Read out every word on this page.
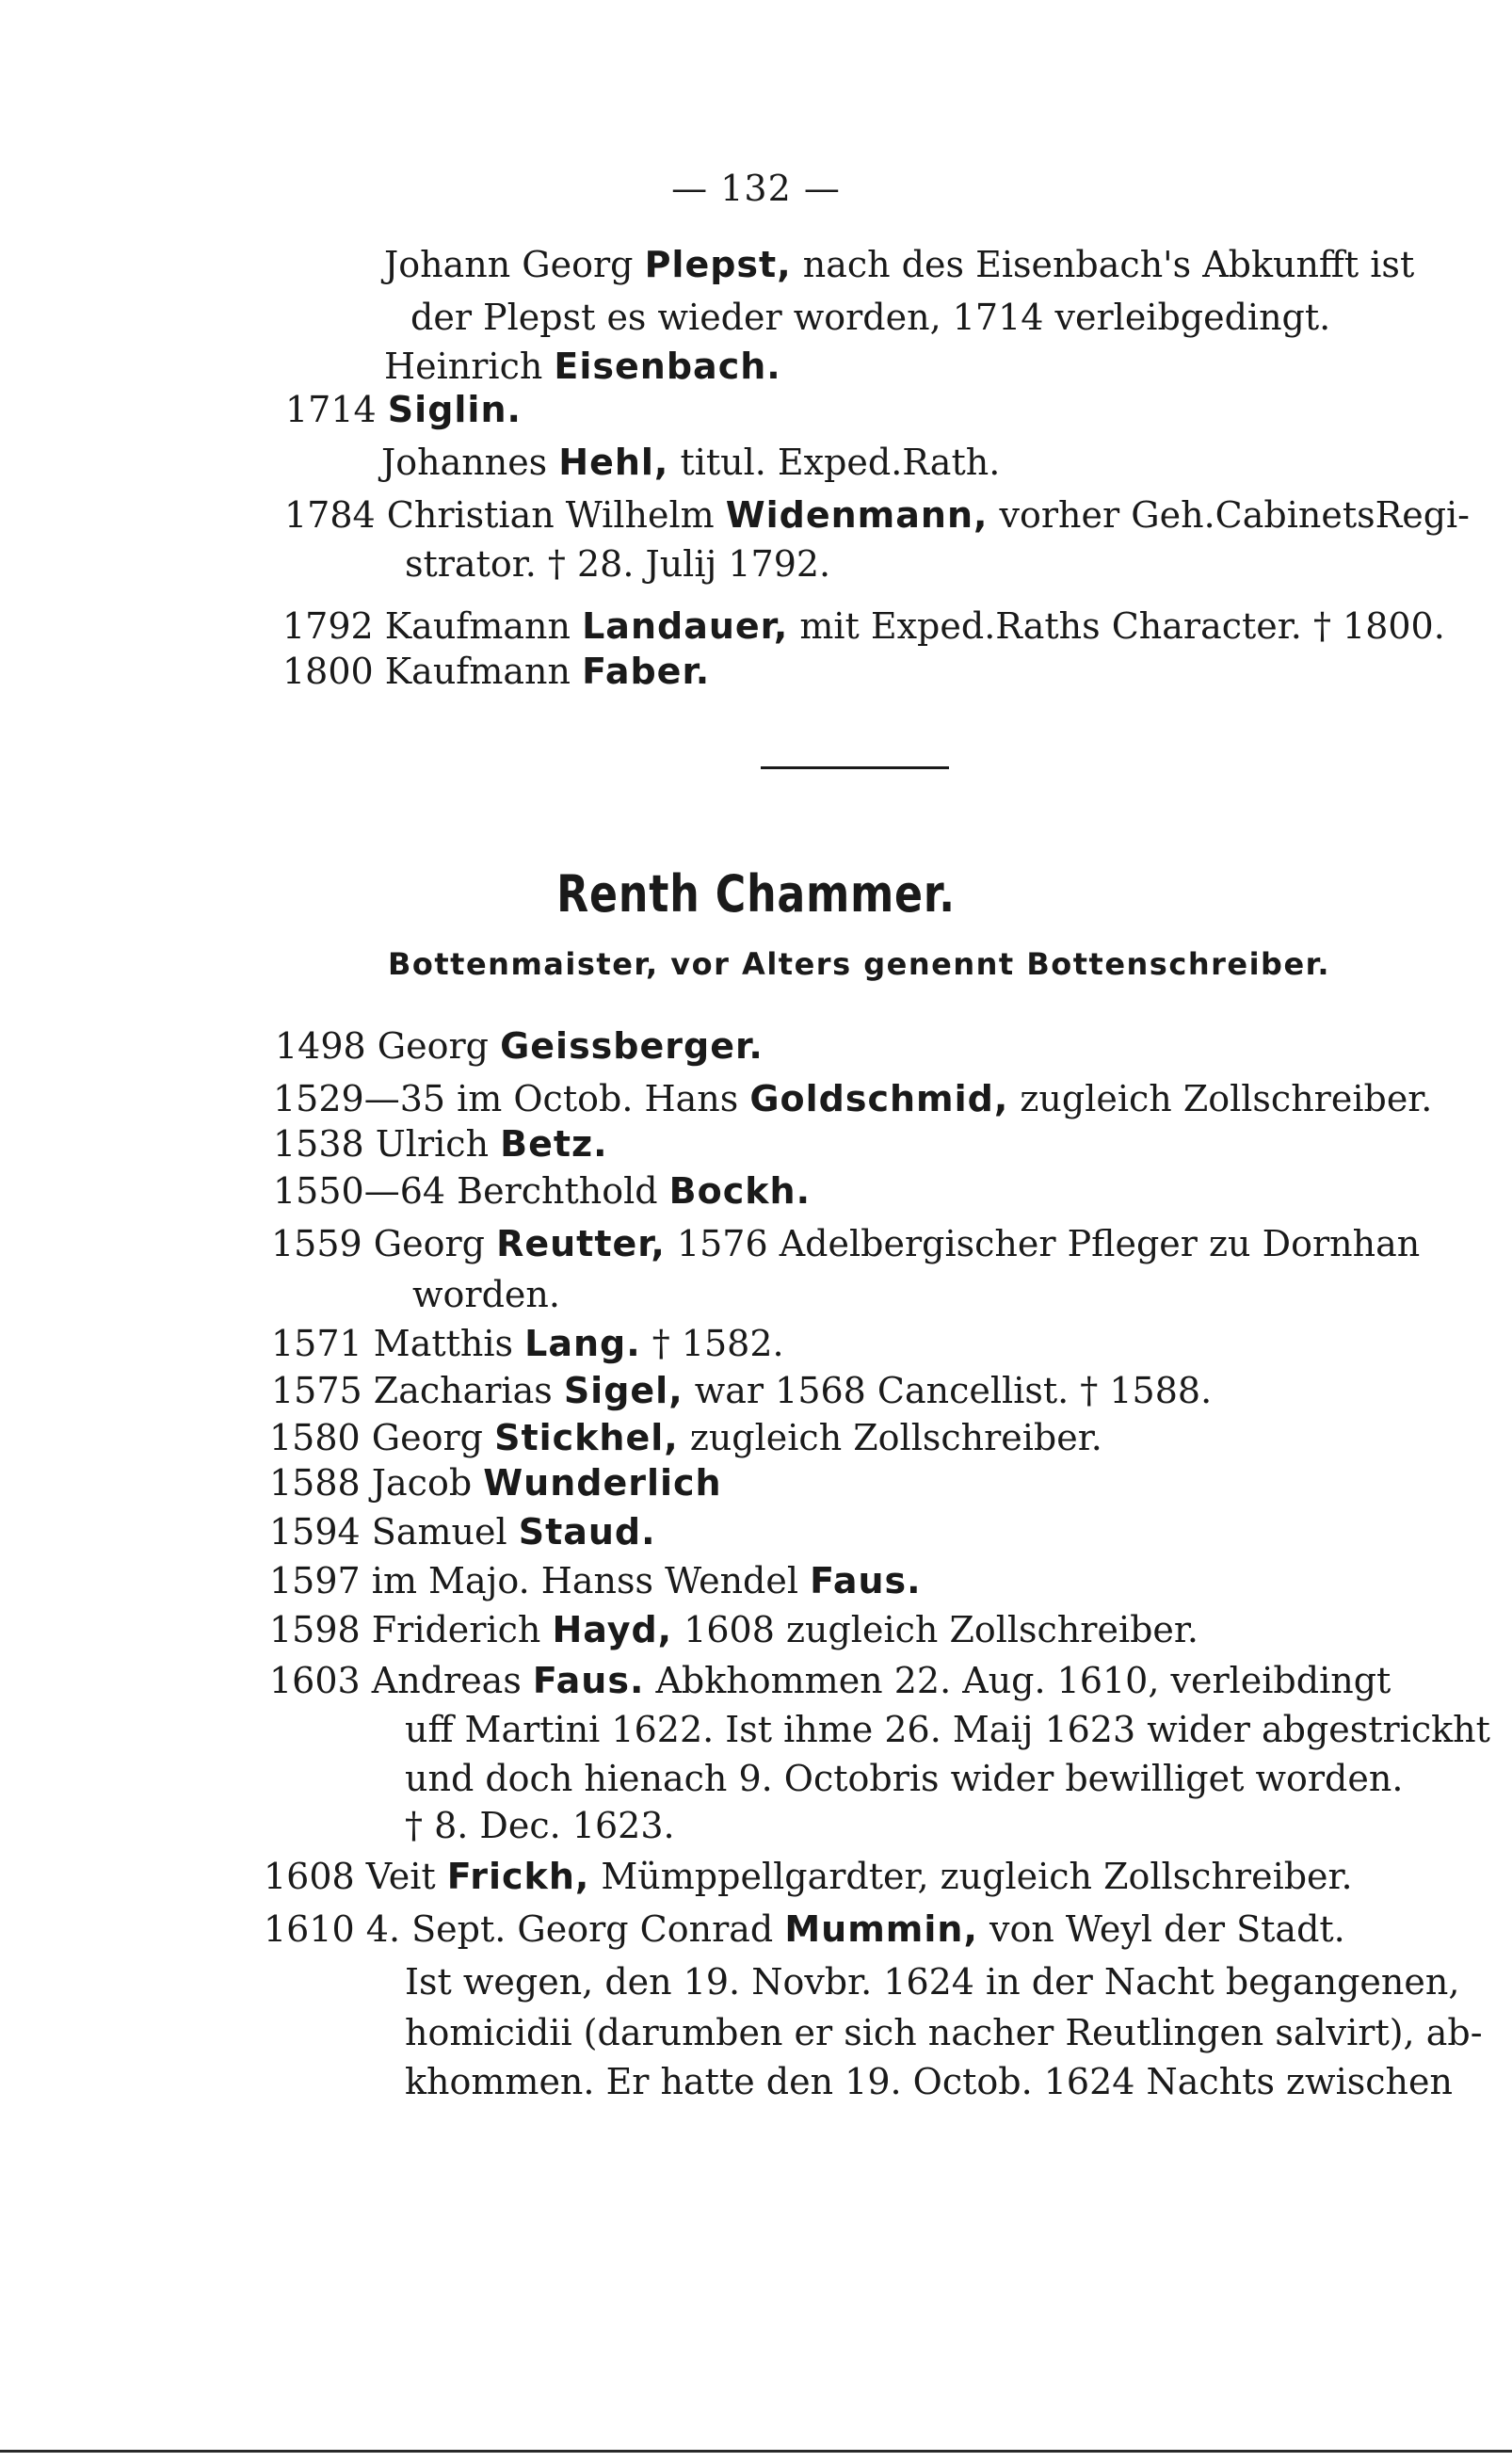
— 132 —
Johann Georg Plepst, nach des Eisenbach's Abkunfft ist
der Plepst es wieder worden, 1714 verleibgedingt.
Heinrich Eisenbach.
1714 Siglin.
Johannes Hehl, titul. Exped.Rath.
1784 Christian Wilhelm Widenmann, vorher Geh.CabinetsRegi-
strator. † 28. Julij 1792.
1792 Kaufmann Landauer, mit Exped.Raths Character. † 1800.
1800 Kaufmann Faber.
Renth Chammer.
Bottenmaister, vor Alters genennt Bottenschreiber.
1498 Georg Geissberger.
1529—35 im Octob. Hans Goldschmid, zugleich Zollschreiber.
1538 Ulrich Betz.
1550—64 Berchthold Bockh.
1559 Georg Reutter, 1576 Adelbergischer Pfleger zu Dornhan
worden.
1571 Matthis Lang. † 1582.
1575 Zacharias Sigel, war 1568 Cancellist. † 1588.
1580 Georg Stickhel, zugleich Zollschreiber.
1588 Jacob Wunderlich
1594 Samuel Staud.
1597 im Majo. Hanss Wendel Faus.
1598 Friderich Hayd, 1608 zugleich Zollschreiber.
1603 Andreas Faus. Abkhommen 22. Aug. 1610, verleibdingt
uff Martini 1622. Ist ihme 26. Maij 1623 wider abgestrickht
und doch hienach 9. Octobris wider bewilliget worden.
† 8. Dec. 1623.
1608 Veit Frickh, Mümppellgardter, zugleich Zollschreiber.
1610 4. Sept. Georg Conrad Mummin, von Weyl der Stadt.
Ist wegen, den 19. Novbr. 1624 in der Nacht begangenen,
homicidii (darumben er sich nacher Reutlingen salvirt), ab-
khommen. Er hatte den 19. Octob. 1624 Nachts zwischen
